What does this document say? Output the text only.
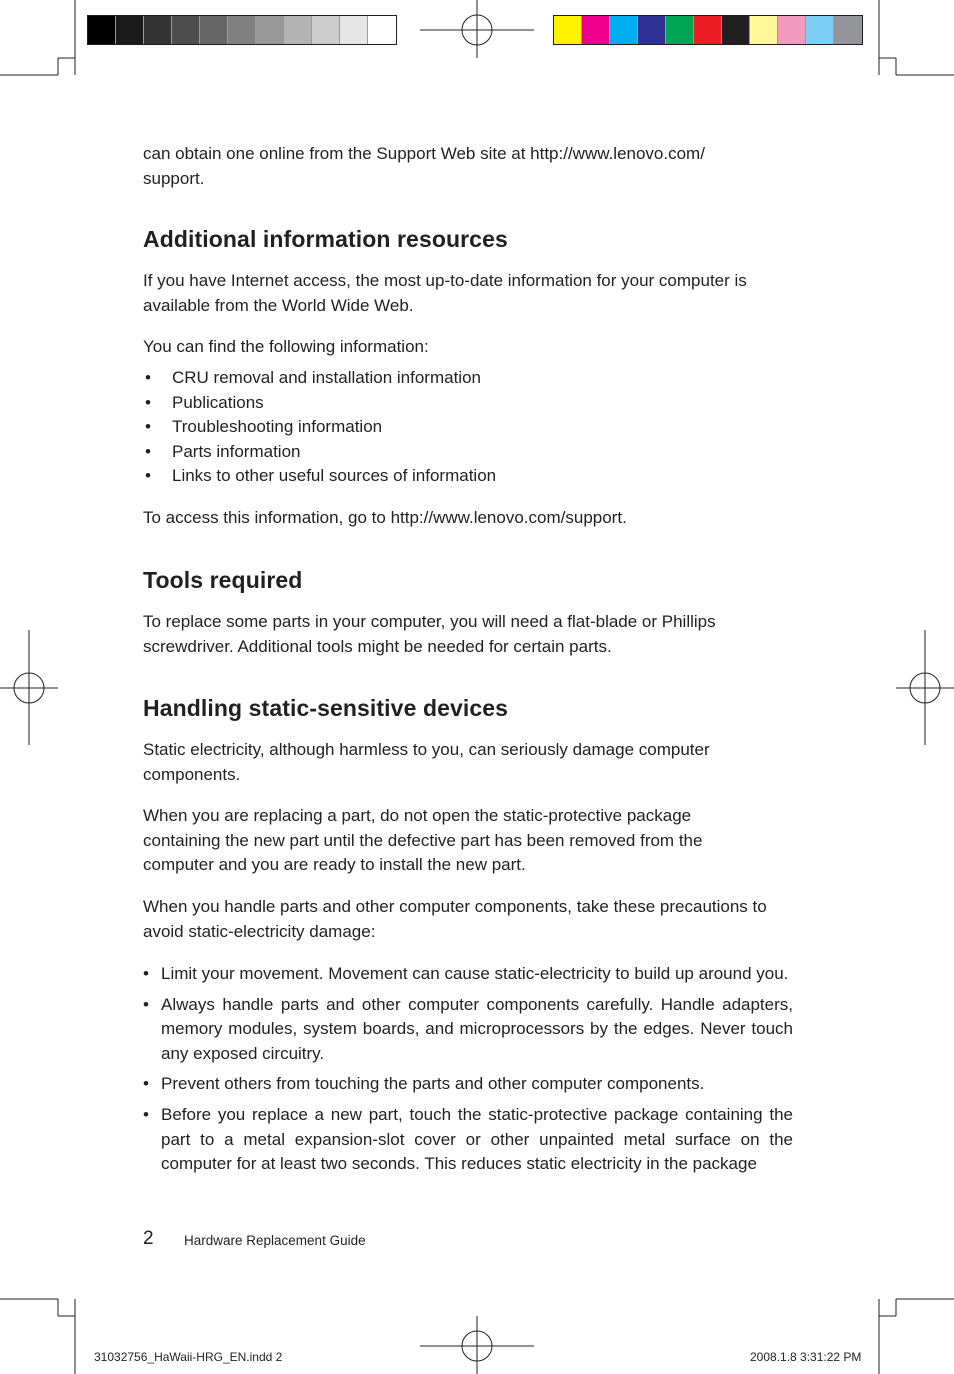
can obtain one online from the Support Web site at http://www.lenovo.com/ support.

Additional information resources

If you have Internet access, the most up-to-date information for your computer is available from the World Wide Web.

You can find the following information:

• CRU removal and installation information
• Publications
• Troubleshooting information
• Parts information
• Links to other useful sources of information

To access this information, go to http://www.lenovo.com/support.

Tools required

To replace some parts in your computer, you will need a flat-blade or Phillips screwdriver. Additional tools might be needed for certain parts.

Handling static-sensitive devices

Static electricity, although harmless to you, can seriously damage computer components.

When you are replacing a part, do not open the static-protective package containing the new part until the defective part has been removed from the computer and you are ready to install the new part.

When you handle parts and other computer components, take these precautions to avoid static-electricity damage:

• Limit your movement. Movement can cause static-electricity to build up around you.
• Always handle parts and other computer components carefully. Handle adapters, memory modules, system boards, and microprocessors by the edges. Never touch any exposed circuitry.
• Prevent others from touching the parts and other computer components.
• Before you replace a new part, touch the static-protective package containing the part to a metal expansion-slot cover or other unpainted metal surface on the computer for at least two seconds. This reduces static electricity in the package
2 Hardware Replacement Guide
31032756_HaWaii-HRG_EN.indd 2	2008.1.8 3:31:22 PM
